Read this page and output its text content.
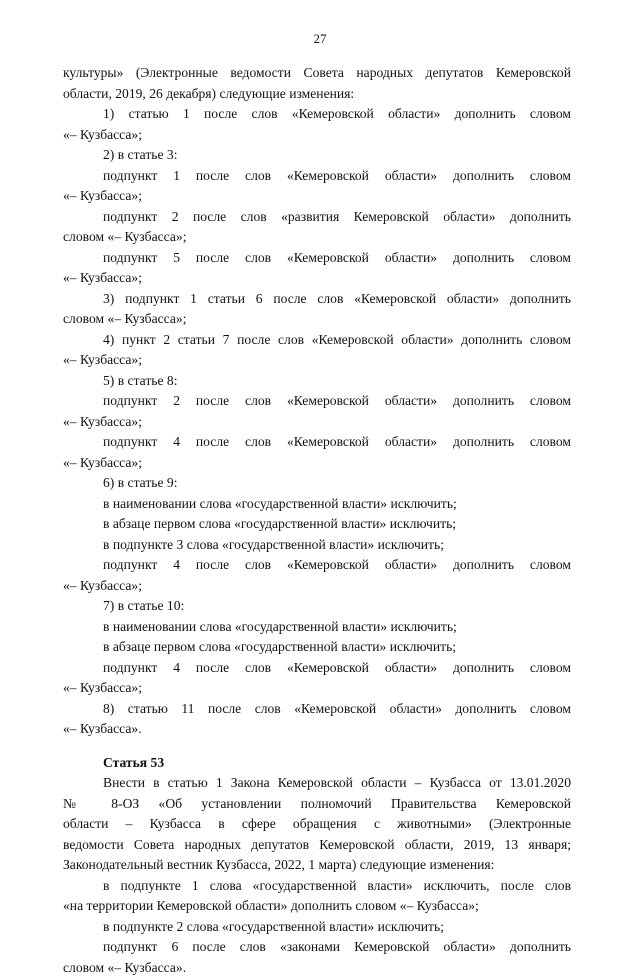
27

культуры» (Электронные ведомости Совета народных депутатов Кемеровской

области, 2019, 26 декабря) следующие изменения:

1) статью 1 после слов «Кемеровской области» дополнить словом

«‒ Кузбасса»;

2) в статье 3:

подпункт 1 после слов «Кемеровской области» дополнить словом

«‒ Кузбасса»;

подпункт 2 после слов «развития Кемеровской области» дополнить

словом «‒ Кузбасса»;

подпункт 5 после слов «Кемеровской области» дополнить словом

«‒ Кузбасса»;

3) подпункт 1 статьи 6 после слов «Кемеровской области» дополнить

словом «‒ Кузбасса»;

4) пункт 2 статьи 7 после слов «Кемеровской области» дополнить словом

«‒ Кузбасса»;

5) в статье 8:

подпункт 2 после слов «Кемеровской области» дополнить словом

«‒ Кузбасса»;

подпункт 4 после слов «Кемеровской области» дополнить словом

«‒ Кузбасса»;

6) в статье 9:

в наименовании слова «государственной власти» исключить;

в абзаце первом слова «государственной власти» исключить;

в подпункте 3 слова «государственной власти» исключить;

подпункт 4 после слов «Кемеровской области» дополнить словом

«‒ Кузбасса»;

7) в статье 10:

в наименовании слова «государственной власти» исключить;

в абзаце первом слова «государственной власти» исключить;

подпункт 4 после слов «Кемеровской области» дополнить словом

«‒ Кузбасса»;

8) статью 11 после слов «Кемеровской области» дополнить словом

«‒ Кузбасса».

Статья 53

Внести в статью 1 Закона Кемеровской области ‒ Кузбасса от 13.01.2020

№ 8-ОЗ «Об установлении полномочий Правительства Кемеровской

области ‒ Кузбасса в сфере обращения с животными» (Электронные

ведомости Совета народных депутатов Кемеровской области, 2019, 13 января;

Законодательный вестник Кузбасса, 2022, 1 марта) следующие изменения:

в подпункте 1 слова «государственной власти» исключить, после слов

«на территории Кемеровской области» дополнить словом «‒ Кузбасса»;

в подпункте 2 слова «государственной власти» исключить;

подпункт 6 после слов «законами Кемеровской области» дополнить

словом «‒ Кузбасса».
